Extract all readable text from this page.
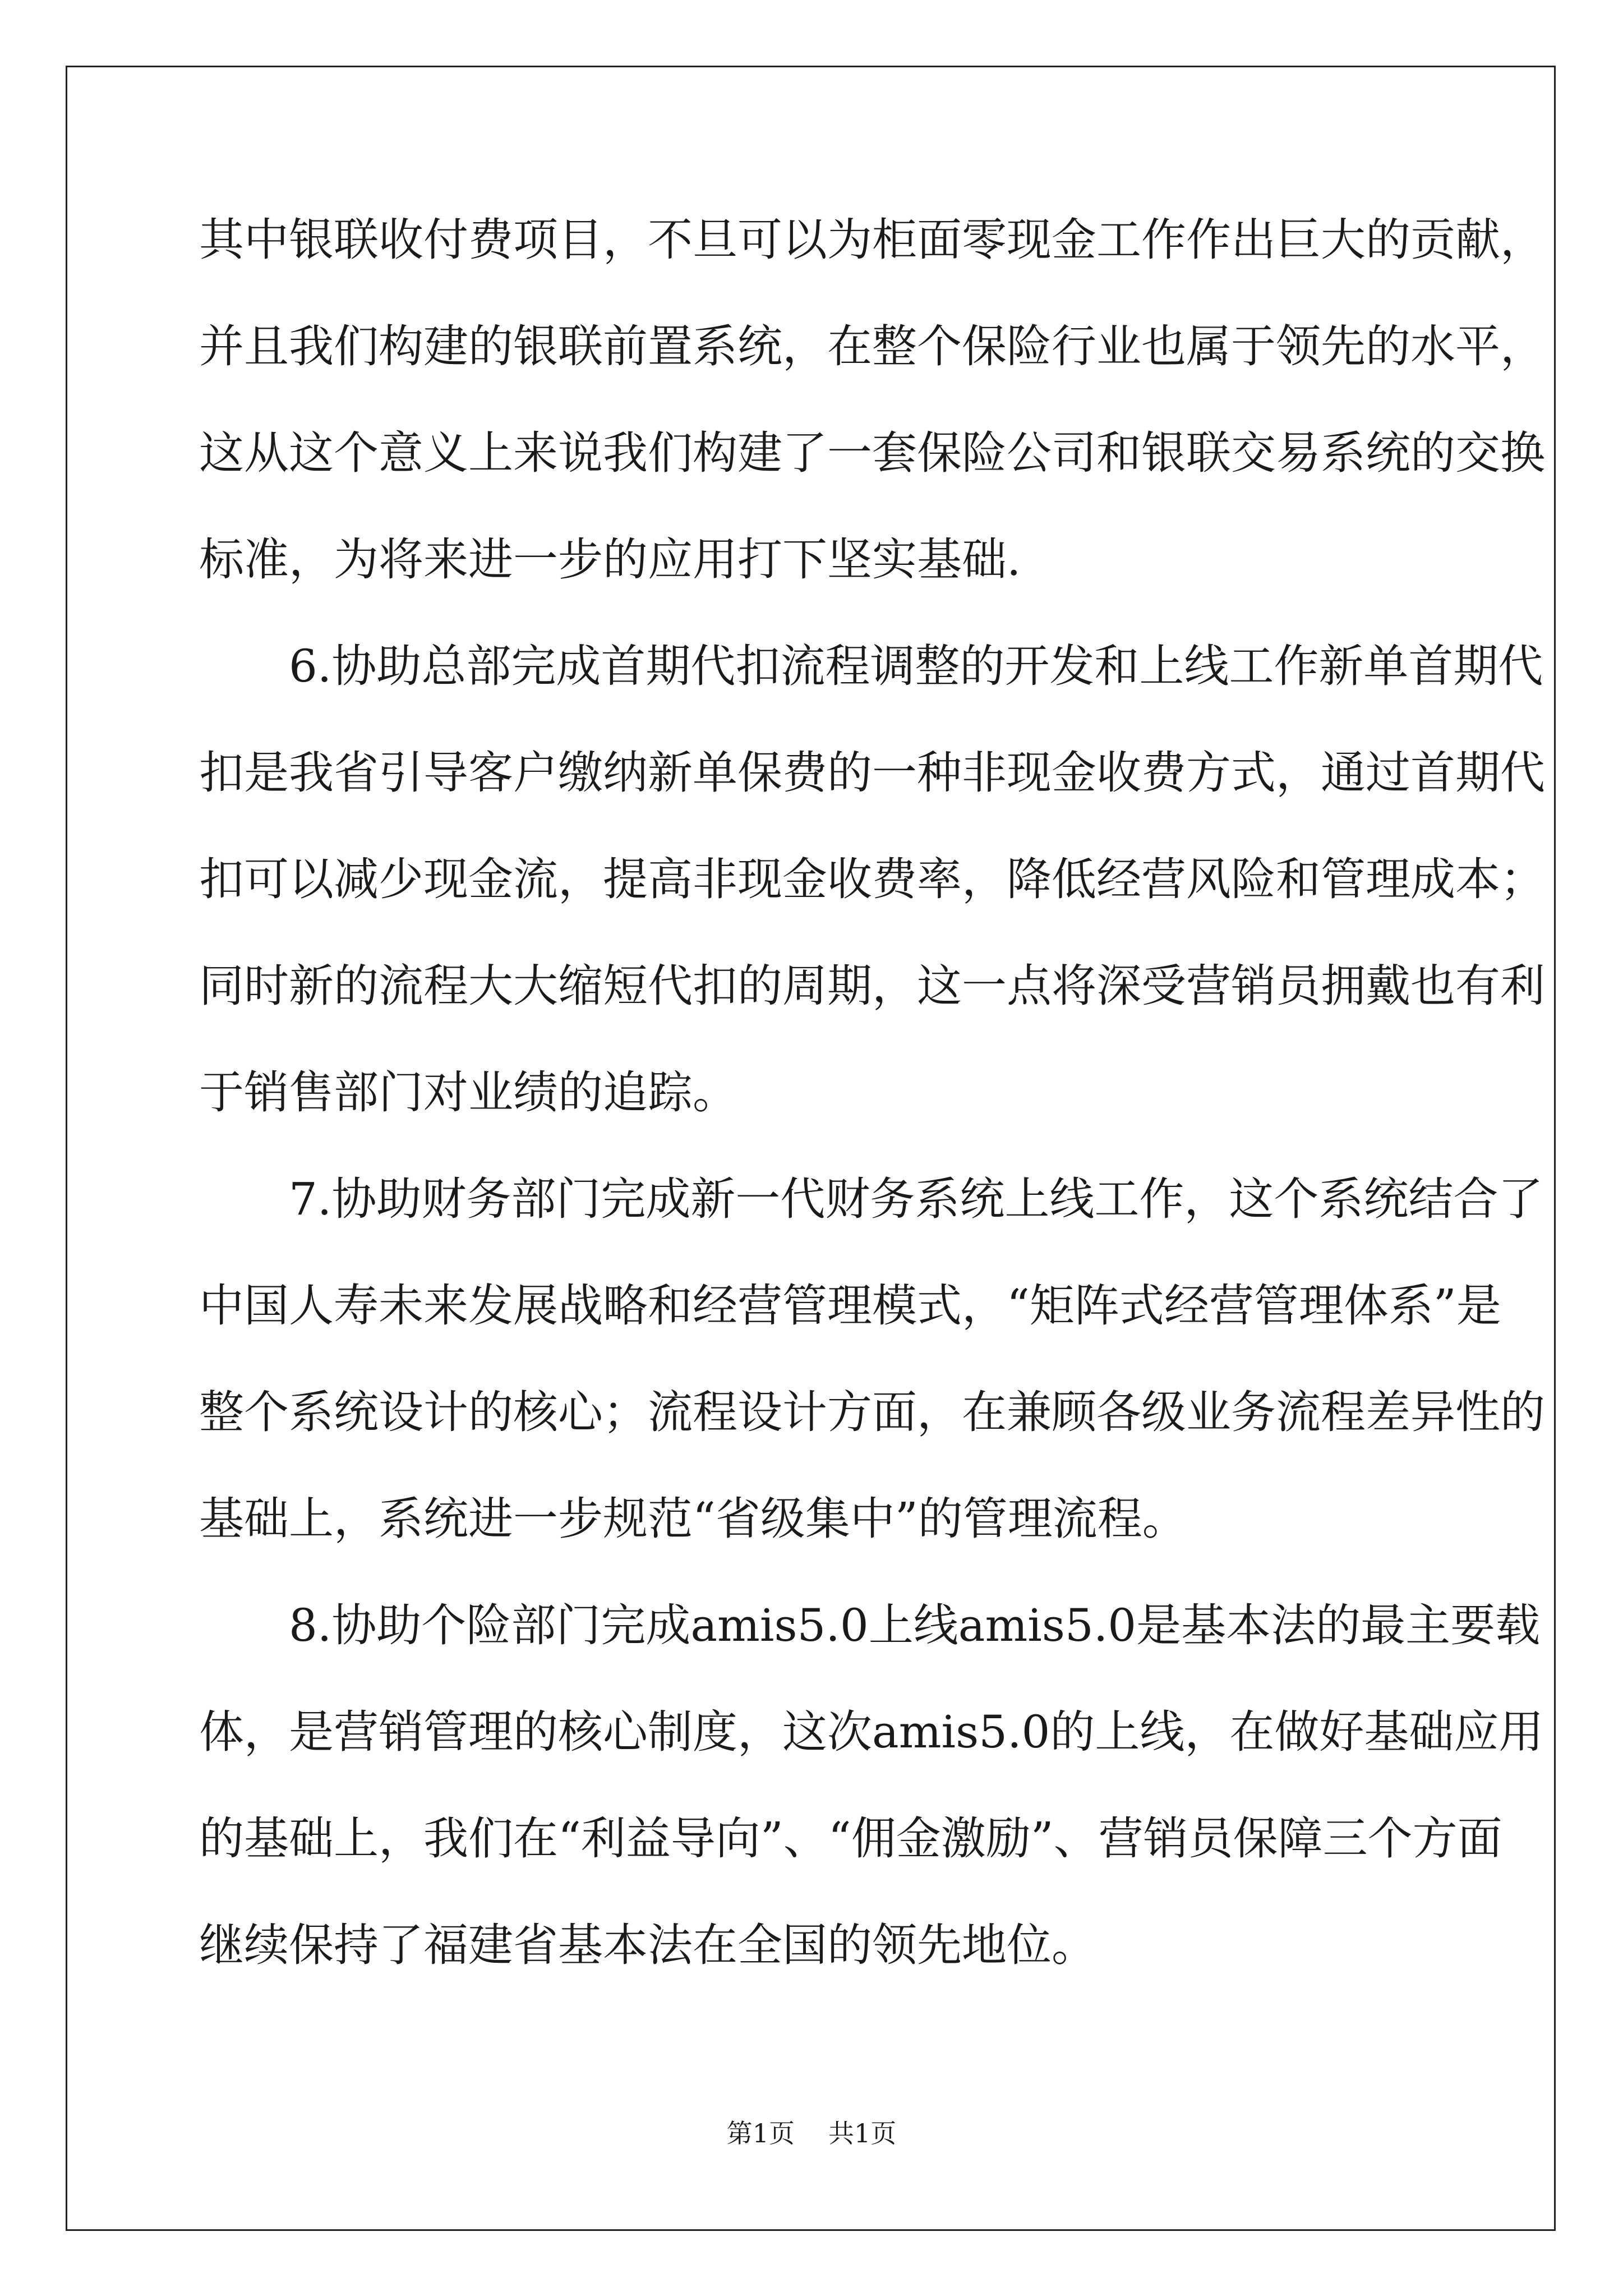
其中银联收付费项目，不旦可以为柜面零现金工作作出巨大的贡献，
并且我们构建的银联前置系统，在整个保险行业也属于领先的水平，
这从这个意义上来说我们构建了一套保险公司和银联交易系统的交换
标准，为将来进一步的应用打下坚实基础.
6.协助总部完成首期代扣流程调整的开发和上线工作新单首期代
扣是我省引导客户缴纳新单保费的一种非现金收费方式，通过首期代
扣可以减少现金流，提高非现金收费率，降低经营风险和管理成本；
同时新的流程大大缩短代扣的周期，这一点将深受营销员拥戴也有利
于销售部门对业绩的追踪。
7.协助财务部门完成新一代财务系统上线工作，这个系统结合了
中国人寿未来发展战略和经营管理模式，“矩阵式经营管理体系”是
整个系统设计的核心；流程设计方面，在兼顾各级业务流程差异性的
基础上，系统进一步规范“省级集中”的管理流程。
8.协助个险部门完成amis5.0上线amis5.0是基本法的最主要载
体，是营销管理的核心制度，这次amis5.0的上线，在做好基础应用
的基础上，我们在“利益导向”、“佣金激励”、营销员保障三个方面
继续保持了福建省基本法在全国的领先地位。
第1页 共1页
